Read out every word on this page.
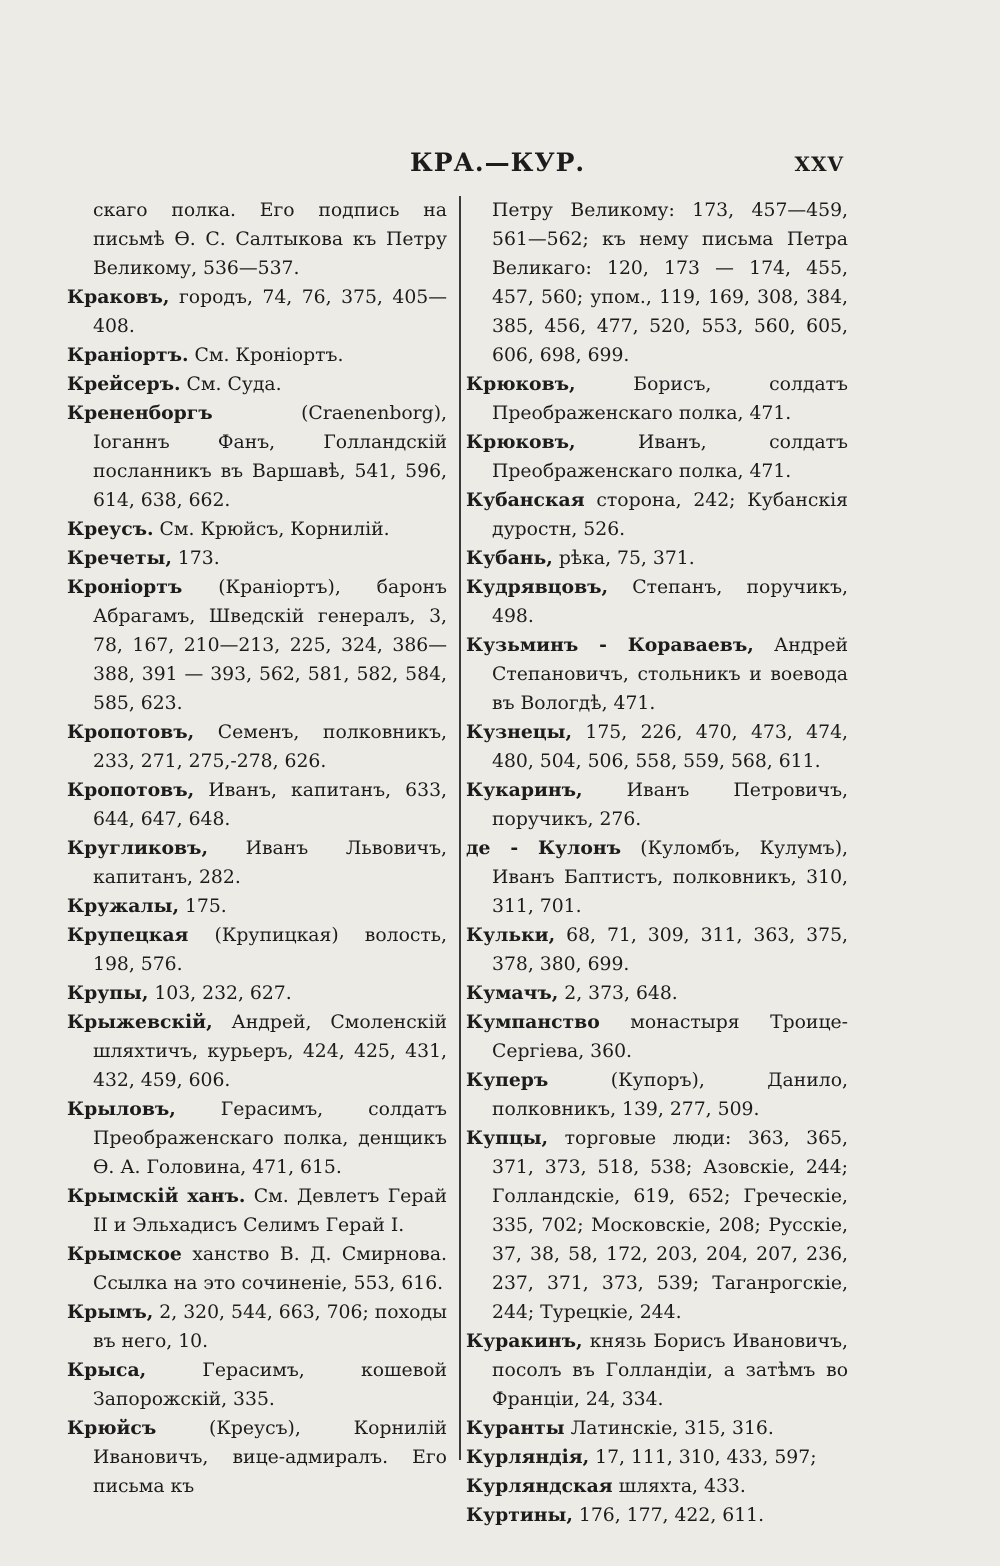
КРА.—КУР.	XXV

скаго полка. Его подпись на письмѣ Ѳ. С. Салтыкова къ Петру Великому, 536—537.

Краковъ, городъ, 74, 76, 375, 405—408.

Краніортъ. См. Кроніортъ.

Крейсеръ. См. Суда.

Крененборгъ (Craenenborg), Іоганнъ Фанъ, Голландскій посланникъ въ Варшавѣ, 541, 596, 614, 638, 662.

Креусъ. См. Крюйсъ, Корнилій.

Кречеты, 173.

Кроніортъ (Краніортъ), баронъ Абрагамъ, Шведскій генералъ, 3, 78, 167, 210—213, 225, 324, 386—388, 391 — 393, 562, 581, 582, 584, 585, 623.

Кропотовъ, Семенъ, полковникъ, 233, 271, 275,-278, 626.

Кропотовъ, Иванъ, капитанъ, 633, 644, 647, 648.

Кругликовъ, Иванъ Львовичъ, капитанъ, 282.

Кружалы, 175.

Крупецкая (Крупицкая) волость, 198, 576.

Крупы, 103, 232, 627.

Крыжевскій, Андрей, Смоленскій шляхтичъ, курьеръ, 424, 425, 431, 432, 459, 606.

Крыловъ, Герасимъ, солдатъ Преображенскаго полка, денщикъ Ѳ. А. Головина, 471, 615.

Крымскій ханъ. См. Девлетъ Герай II и Эльхадисъ Селимъ Герай I.

Крымское ханство В. Д. Смирнова. Ссылка на это сочиненіе, 553, 616.

Крымъ, 2, 320, 544, 663, 706; походы въ него, 10.

Крыса, Герасимъ, кошевой Запорожскій, 335.

Крюйсъ (Креусъ), Корнилій Ивановичъ, вице-адмиралъ. Его письма къ

Петру Великому: 173, 457—459, 561—562; къ нему письма Петра Великаго: 120, 173 — 174, 455, 457, 560; упом., 119, 169, 308, 384, 385, 456, 477, 520, 553, 560, 605, 606, 698, 699.

Крюковъ, Борисъ, солдатъ Преображенскаго полка, 471.

Крюковъ, Иванъ, солдатъ Преображенскаго полка, 471.

Кубанская сторона, 242; Кубанскія дуростн, 526.

Кубань, рѣка, 75, 371.

Кудрявцовъ, Степанъ, поручикъ, 498.

Кузьминъ - Кораваевъ, Андрей Степановичъ, стольникъ и воевода въ Вологдѣ, 471.

Кузнецы, 175, 226, 470, 473, 474, 480, 504, 506, 558, 559, 568, 611.

Кукаринъ, Иванъ Петровичъ, поручикъ, 276.

де - Кулонъ (Куломбъ, Кулумъ), Иванъ Баптистъ, полковникъ, 310, 311, 701.

Кульки, 68, 71, 309, 311, 363, 375, 378, 380, 699.

Кумачъ, 2, 373, 648.

Кумпанство монастыря Троице-Сергіева, 360.

Куперъ (Купоръ), Данило, полковникъ, 139, 277, 509.

Купцы, торговые люди: 363, 365, 371, 373, 518, 538; Азовскіе, 244; Голландскіе, 619, 652; Греческіе, 335, 702; Московскіе, 208; Русскіе, 37, 38, 58, 172, 203, 204, 207, 236, 237, 371, 373, 539; Таганрогскіе, 244; Турецкіе, 244.

Куракинъ, князь Борисъ Ивановичъ, посолъ въ Голландіи, а затѣмъ во Франціи, 24, 334.

Куранты Латинскіе, 315, 316.

Курляндія, 17, 111, 310, 433, 597;

Курляндская шляхта, 433.

Куртины, 176, 177, 422, 611.
